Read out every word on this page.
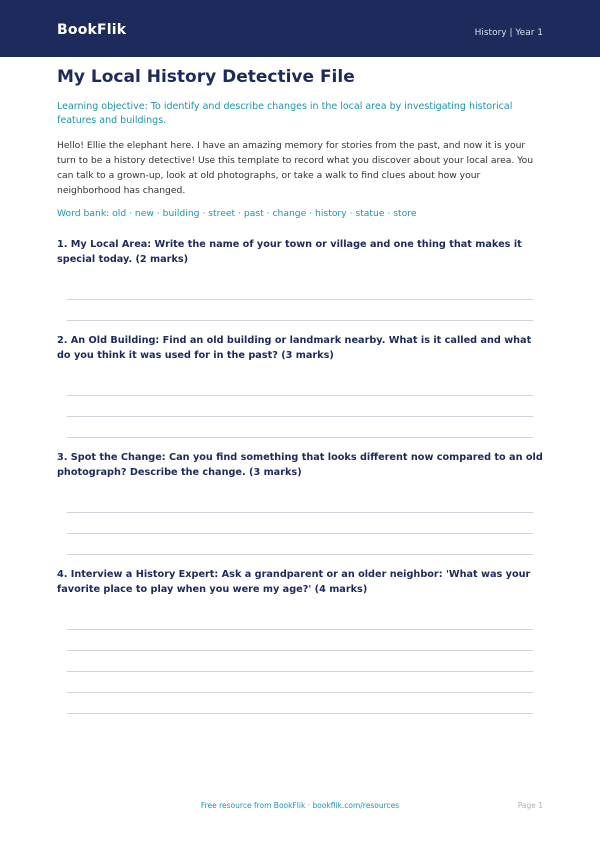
BookFlik	History | Year 1
My Local History Detective File
Learning objective: To identify and describe changes in the local area by investigating historical features and buildings.
Hello! Ellie the elephant here. I have an amazing memory for stories from the past, and now it is your turn to be a history detective! Use this template to record what you discover about your local area. You can talk to a grown-up, look at old photographs, or take a walk to find clues about how your neighborhood has changed.
Word bank: old · new · building · street · past · change · history · statue · store
1. My Local Area: Write the name of your town or village and one thing that makes it special today. (2 marks)
2. An Old Building: Find an old building or landmark nearby. What is it called and what do you think it was used for in the past? (3 marks)
3. Spot the Change: Can you find something that looks different now compared to an old photograph? Describe the change. (3 marks)
4. Interview a History Expert: Ask a grandparent or an older neighbor: 'What was your favorite place to play when you were my age?' (4 marks)
Free resource from BookFlik · bookflik.com/resources	Page 1
